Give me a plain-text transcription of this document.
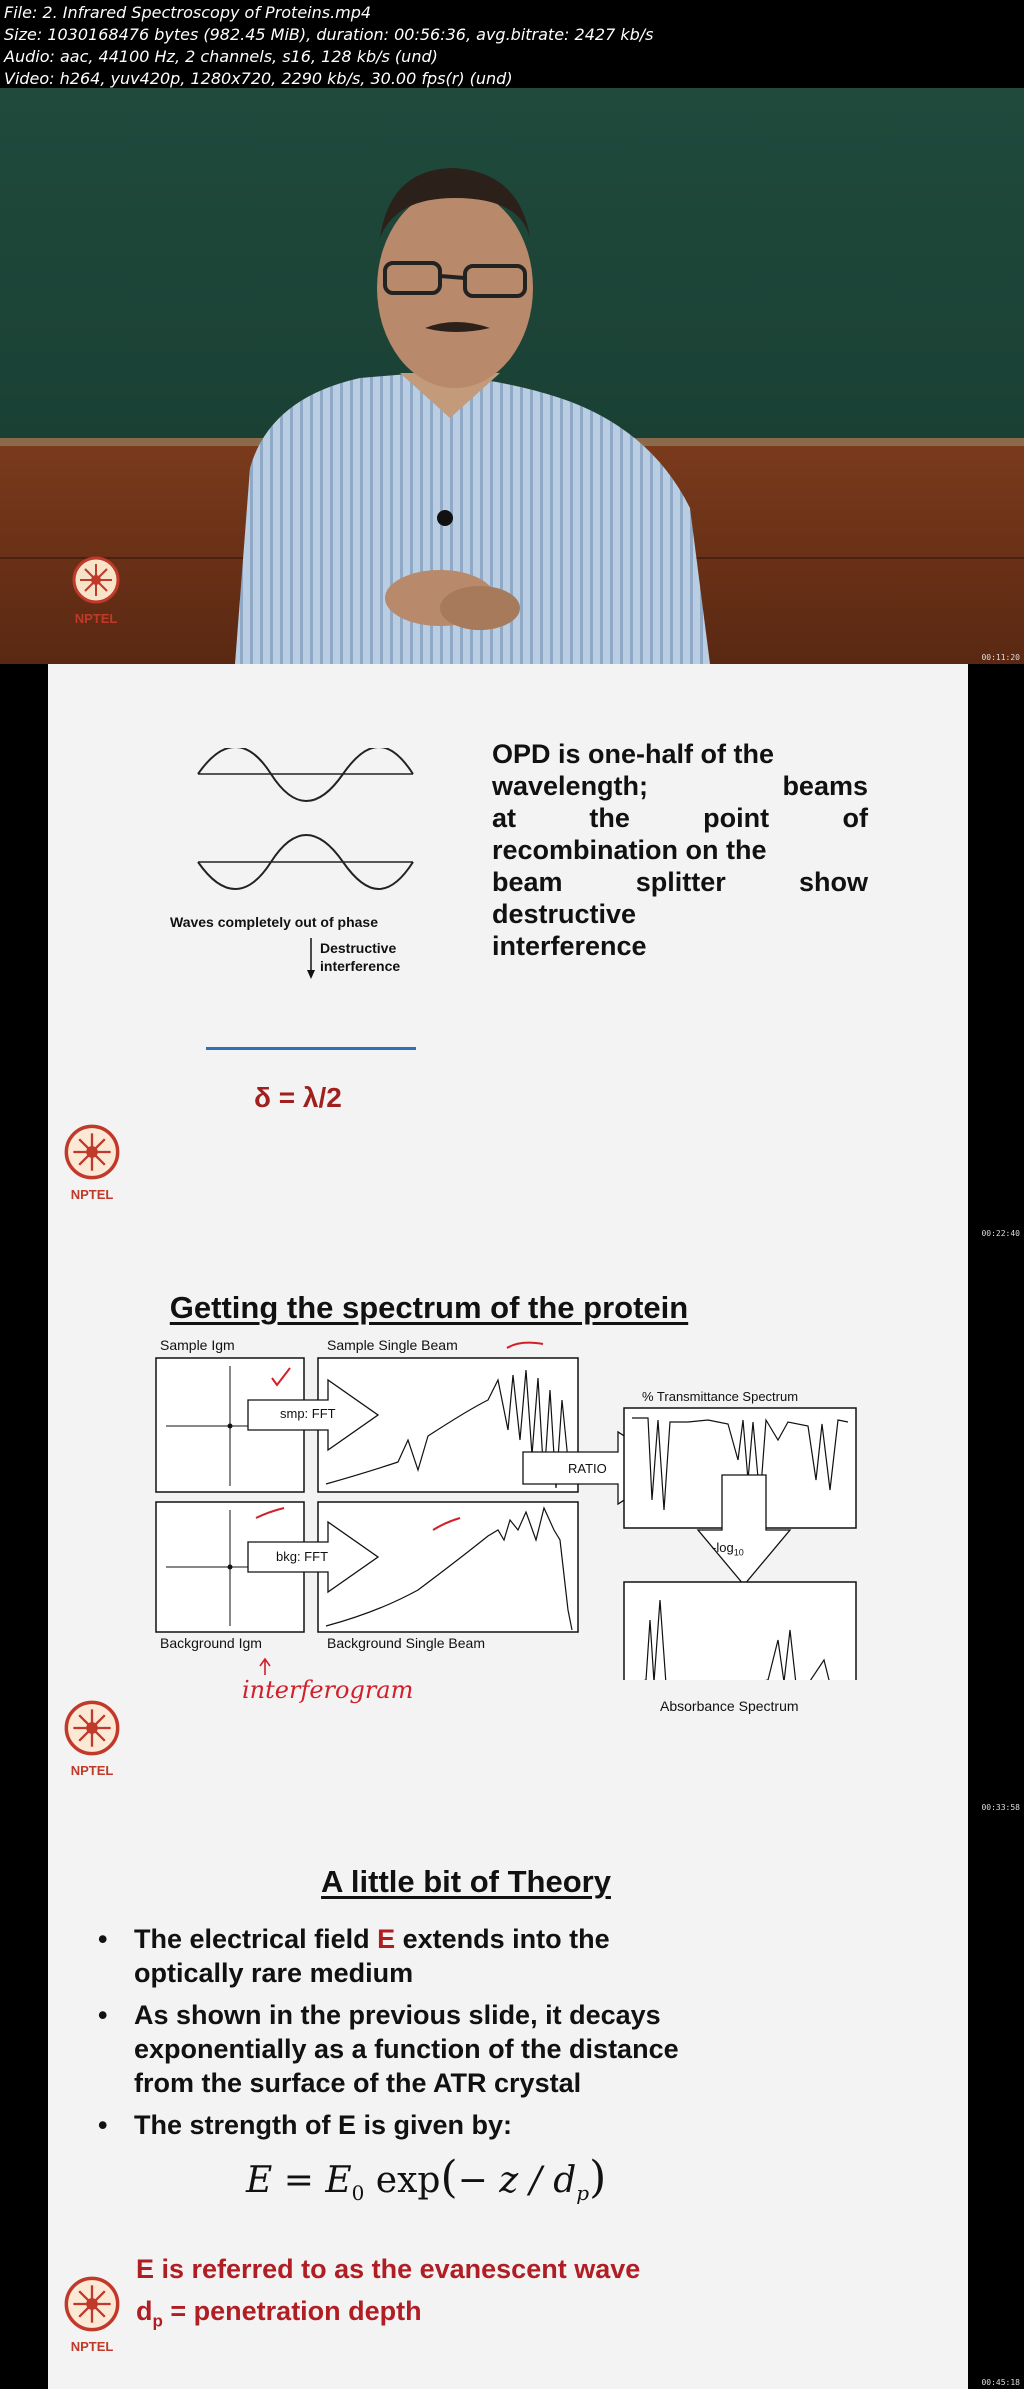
File: 2. Infrared Spectroscopy of Proteins.mp4
Size: 1030168476 bytes (982.45 MiB), duration: 00:56:36, avg.bitrate: 2427 kb/s
Audio: aac, 44100 Hz, 2 channels, s16, 128 kb/s (und)
Video: h264, yuv420p, 1280x720, 2290 kb/s, 30.00 fps(r) (und)
NPTEL
00:11:20
Waves completely out of phase
Destructive
interference
δ = λ/2
OPD is one-half of the
wavelength;	beams
at	the	point	of
recombination on the
beam	splitter	show
destructive
interference
NPTEL
00:22:40
Getting the spectrum of the protein
Sample Igm	Sample Single Beam
smp: FFT
bkg: FFT
RATIO
% Transmittance Spectrum
$-\log_{10}$
Background Igm	Background Single Beam
Absorbance Spectrum
interferogram
NPTEL
00:33:58
A little bit of Theory
• The electrical field E extends into the
optically rare medium
• As shown in the previous slide, it decays
exponentially as a function of the distance
from the surface of the ATR crystal
• The strength of E is given by:
$E = E_0$ $\exp(- z / d_p)$
E is referred to as the evanescent wave
$d_p$ = penetration depth
NPTEL
00:45:18
